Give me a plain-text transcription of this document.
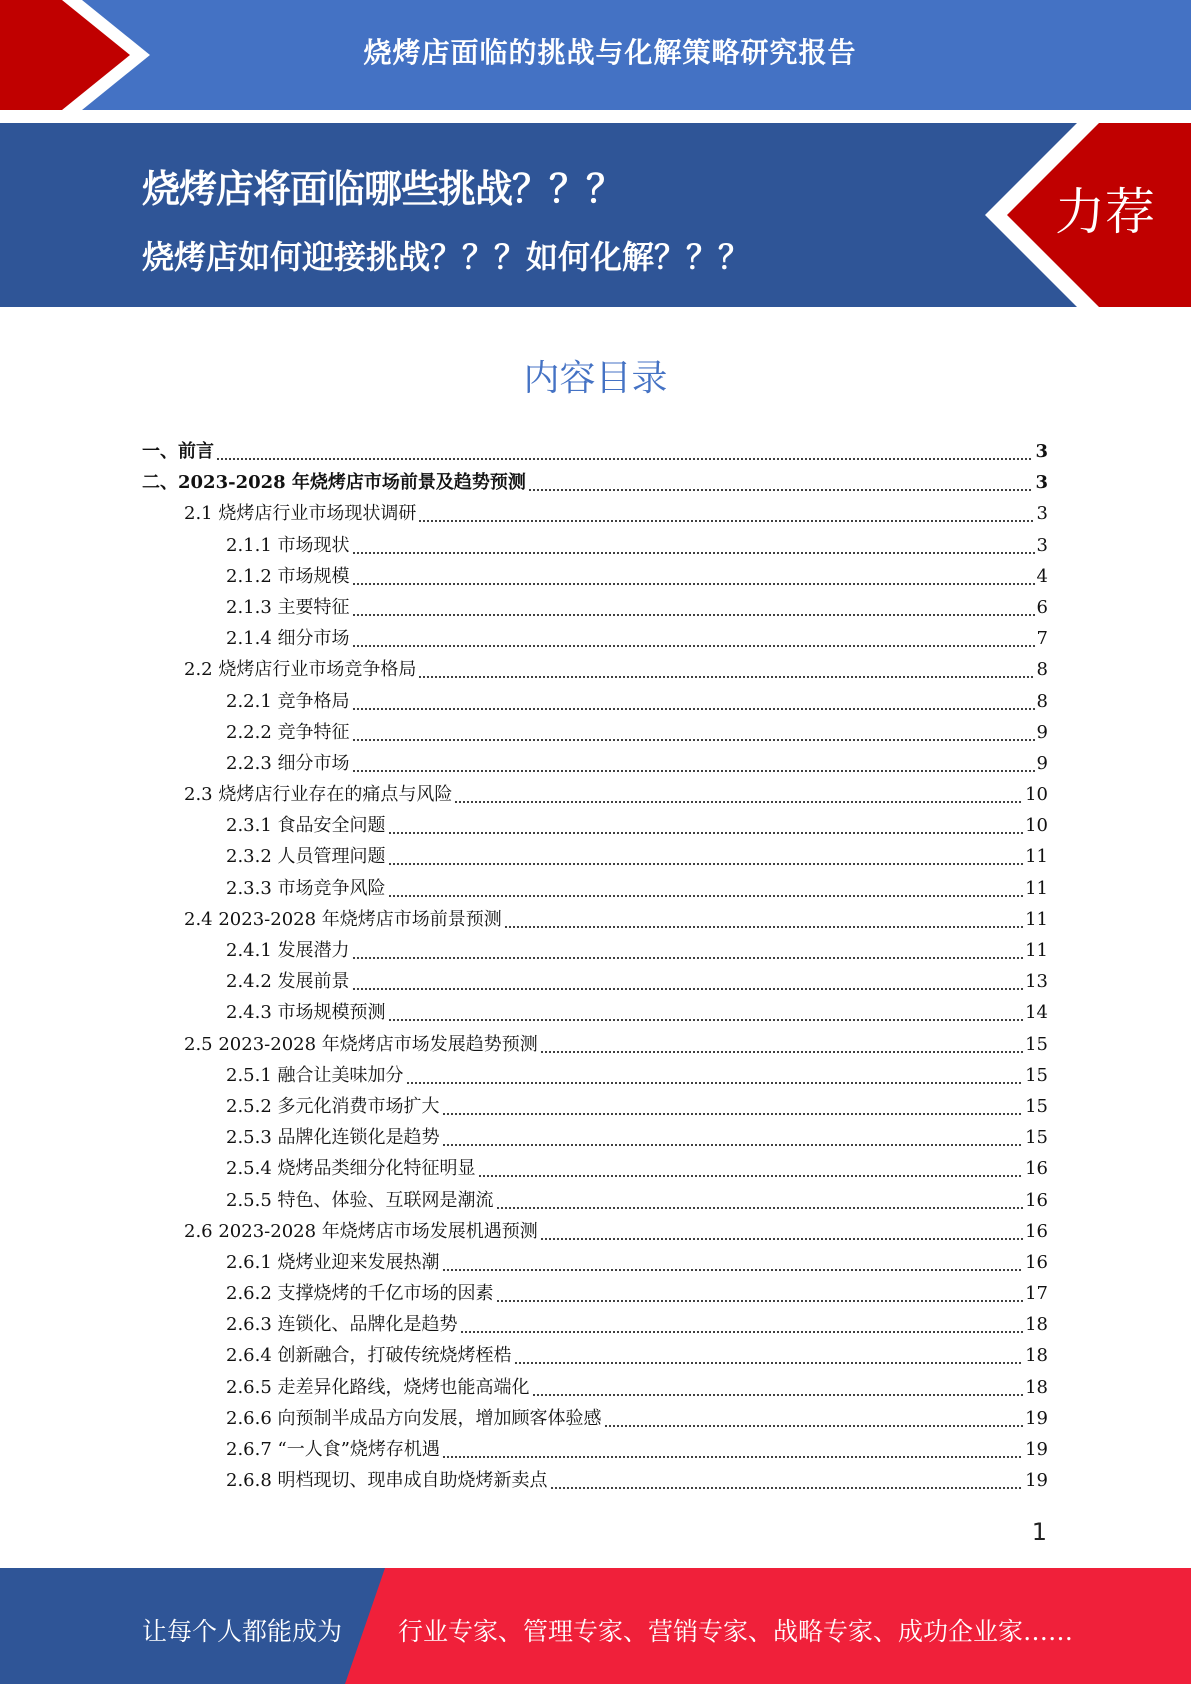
烧烤店面临的挑战与化解策略研究报告
烧烤店将面临哪些挑战？？？
烧烤店如何迎接挑战？？？如何化解？？？
力荐
内容目录
一、前言	3
二、2023-2028 年烧烤店市场前景及趋势预测	3
2.1 烧烤店行业市场现状调研	3
2.1.1 市场现状	3
2.1.2 市场规模	4
2.1.3 主要特征	6
2.1.4 细分市场	7
2.2 烧烤店行业市场竞争格局	8
2.2.1 竞争格局	8
2.2.2 竞争特征	9
2.2.3 细分市场	9
2.3 烧烤店行业存在的痛点与风险	10
2.3.1 食品安全问题	10
2.3.2 人员管理问题	11
2.3.3 市场竞争风险	11
2.4 2023-2028 年烧烤店市场前景预测	11
2.4.1 发展潜力	11
2.4.2 发展前景	13
2.4.3 市场规模预测	14
2.5 2023-2028 年烧烤店市场发展趋势预测	15
2.5.1 融合让美味加分	15
2.5.2 多元化消费市场扩大	15
2.5.3 品牌化连锁化是趋势	15
2.5.4 烧烤品类细分化特征明显	16
2.5.5 特色、体验、互联网是潮流	16
2.6 2023-2028 年烧烤店市场发展机遇预测	16
2.6.1 烧烤业迎来发展热潮	16
2.6.2 支撑烧烤的千亿市场的因素	17
2.6.3 连锁化、品牌化是趋势	18
2.6.4 创新融合，打破传统烧烤桎梏	18
2.6.5 走差异化路线，烧烤也能高端化	18
2.6.6 向预制半成品方向发展，增加顾客体验感	19
2.6.7 “一人食”烧烤存机遇	19
2.6.8 明档现切、现串成自助烧烤新卖点	19
1
让每个人都能成为 行业专家、管理专家、营销专家、战略专家、成功企业家……
